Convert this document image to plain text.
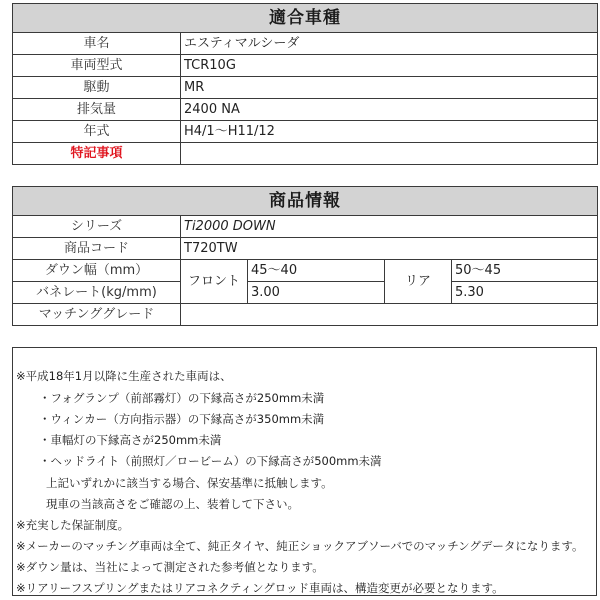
適合車種	
車名	エスティマルシーダ
車両型式	TCR10G
駆動	MR
排気量	2400 NA
年式	H4/1〜H11/12
特記事項	
商品情報				
シリーズ	Ti2000 DOWN			
商品コード	T720TW			
ダウン幅（mm）	フロント	45〜40	リア	50〜45
バネレート(kg/mm)		3.00		5.30
マッチンググレード				
※平成18年1月以降に生産された車両は、
・フォグランプ（前部霧灯）の下縁高さが250mm未満
・ウィンカー（方向指示器）の下縁高さが350mm未満
・車幅灯の下縁高さが250mm未満
・ヘッドライト（前照灯／ロービーム）の下縁高さが500mm未満
上記いずれかに該当する場合、保安基準に抵触します。
現車の当該高さをご確認の上、装着して下さい。
※充実した保証制度。
※メーカーのマッチング車両は全て、純正タイヤ、純正ショックアブソーバでのマッチングデータになります。
※ダウン量は、当社によって測定された参考値となります。
※リアリーフスプリングまたはリアコネクティングロッド車両は、構造変更が必要となります。
